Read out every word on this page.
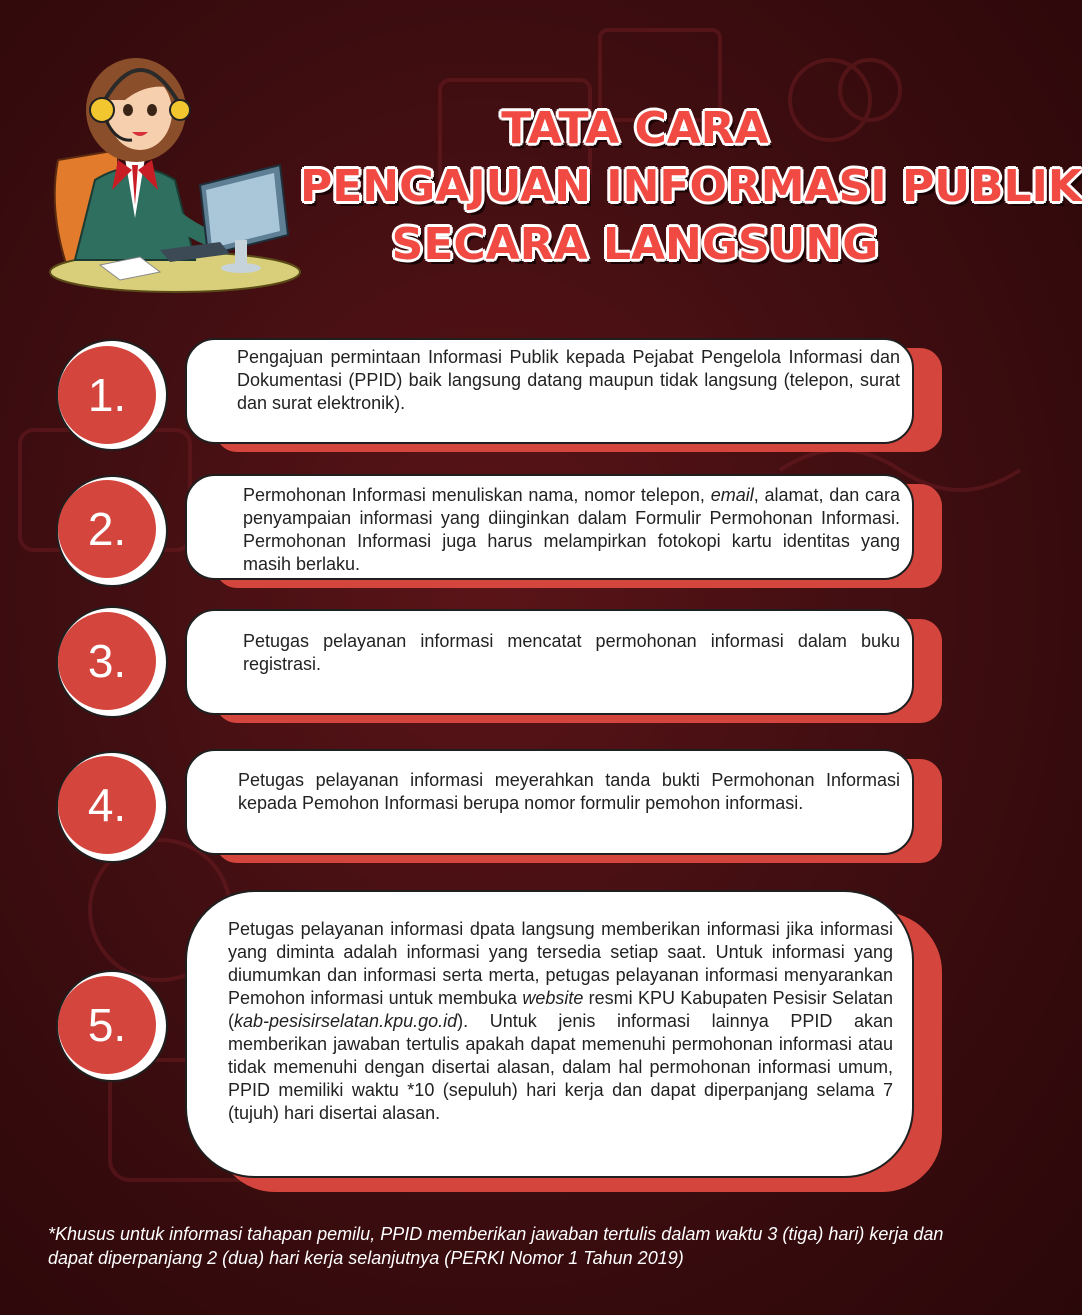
TATA CARA
PENGAJUAN INFORMASI PUBLIK
SECARA LANGSUNG
Pengajuan permintaan Informasi Publik kepada Pejabat Pengelola Informasi dan Dokumentasi (PPID) baik langsung datang maupun tidak langsung (telepon, surat dan surat elektronik).
1.
Permohonan Informasi menuliskan nama, nomor telepon, email, alamat, dan cara penyampaian informasi yang diinginkan dalam Formulir Permohonan Informasi. Permohonan Informasi juga harus melampirkan fotokopi kartu identitas yang masih berlaku.
2.
Petugas pelayanan informasi mencatat permohonan informasi dalam buku registrasi.
3.
Petugas pelayanan informasi meyerahkan tanda bukti Permohonan Informasi kepada Pemohon Informasi berupa nomor formulir pemohon informasi.
4.
Petugas pelayanan informasi dpata langsung memberikan informasi jika informasi yang diminta adalah informasi yang tersedia setiap saat. Untuk informasi yang diumumkan dan informasi serta merta, petugas pelayanan informasi menyarankan Pemohon informasi untuk membuka website resmi KPU Kabupaten Pesisir Selatan (kab-pesisirselatan.kpu.go.id). Untuk jenis informasi lainnya PPID akan memberikan jawaban tertulis apakah dapat memenuhi permohonan informasi atau tidak memenuhi dengan disertai alasan, dalam hal permohonan informasi umum, PPID memiliki waktu *10 (sepuluh) hari kerja dan dapat diperpanjang selama 7 (tujuh) hari disertai alasan.
5.
*Khusus untuk informasi tahapan pemilu, PPID memberikan jawaban tertulis dalam waktu 3 (tiga) hari) kerja dan dapat diperpanjang 2 (dua) hari kerja selanjutnya (PERKI Nomor 1 Tahun 2019)
